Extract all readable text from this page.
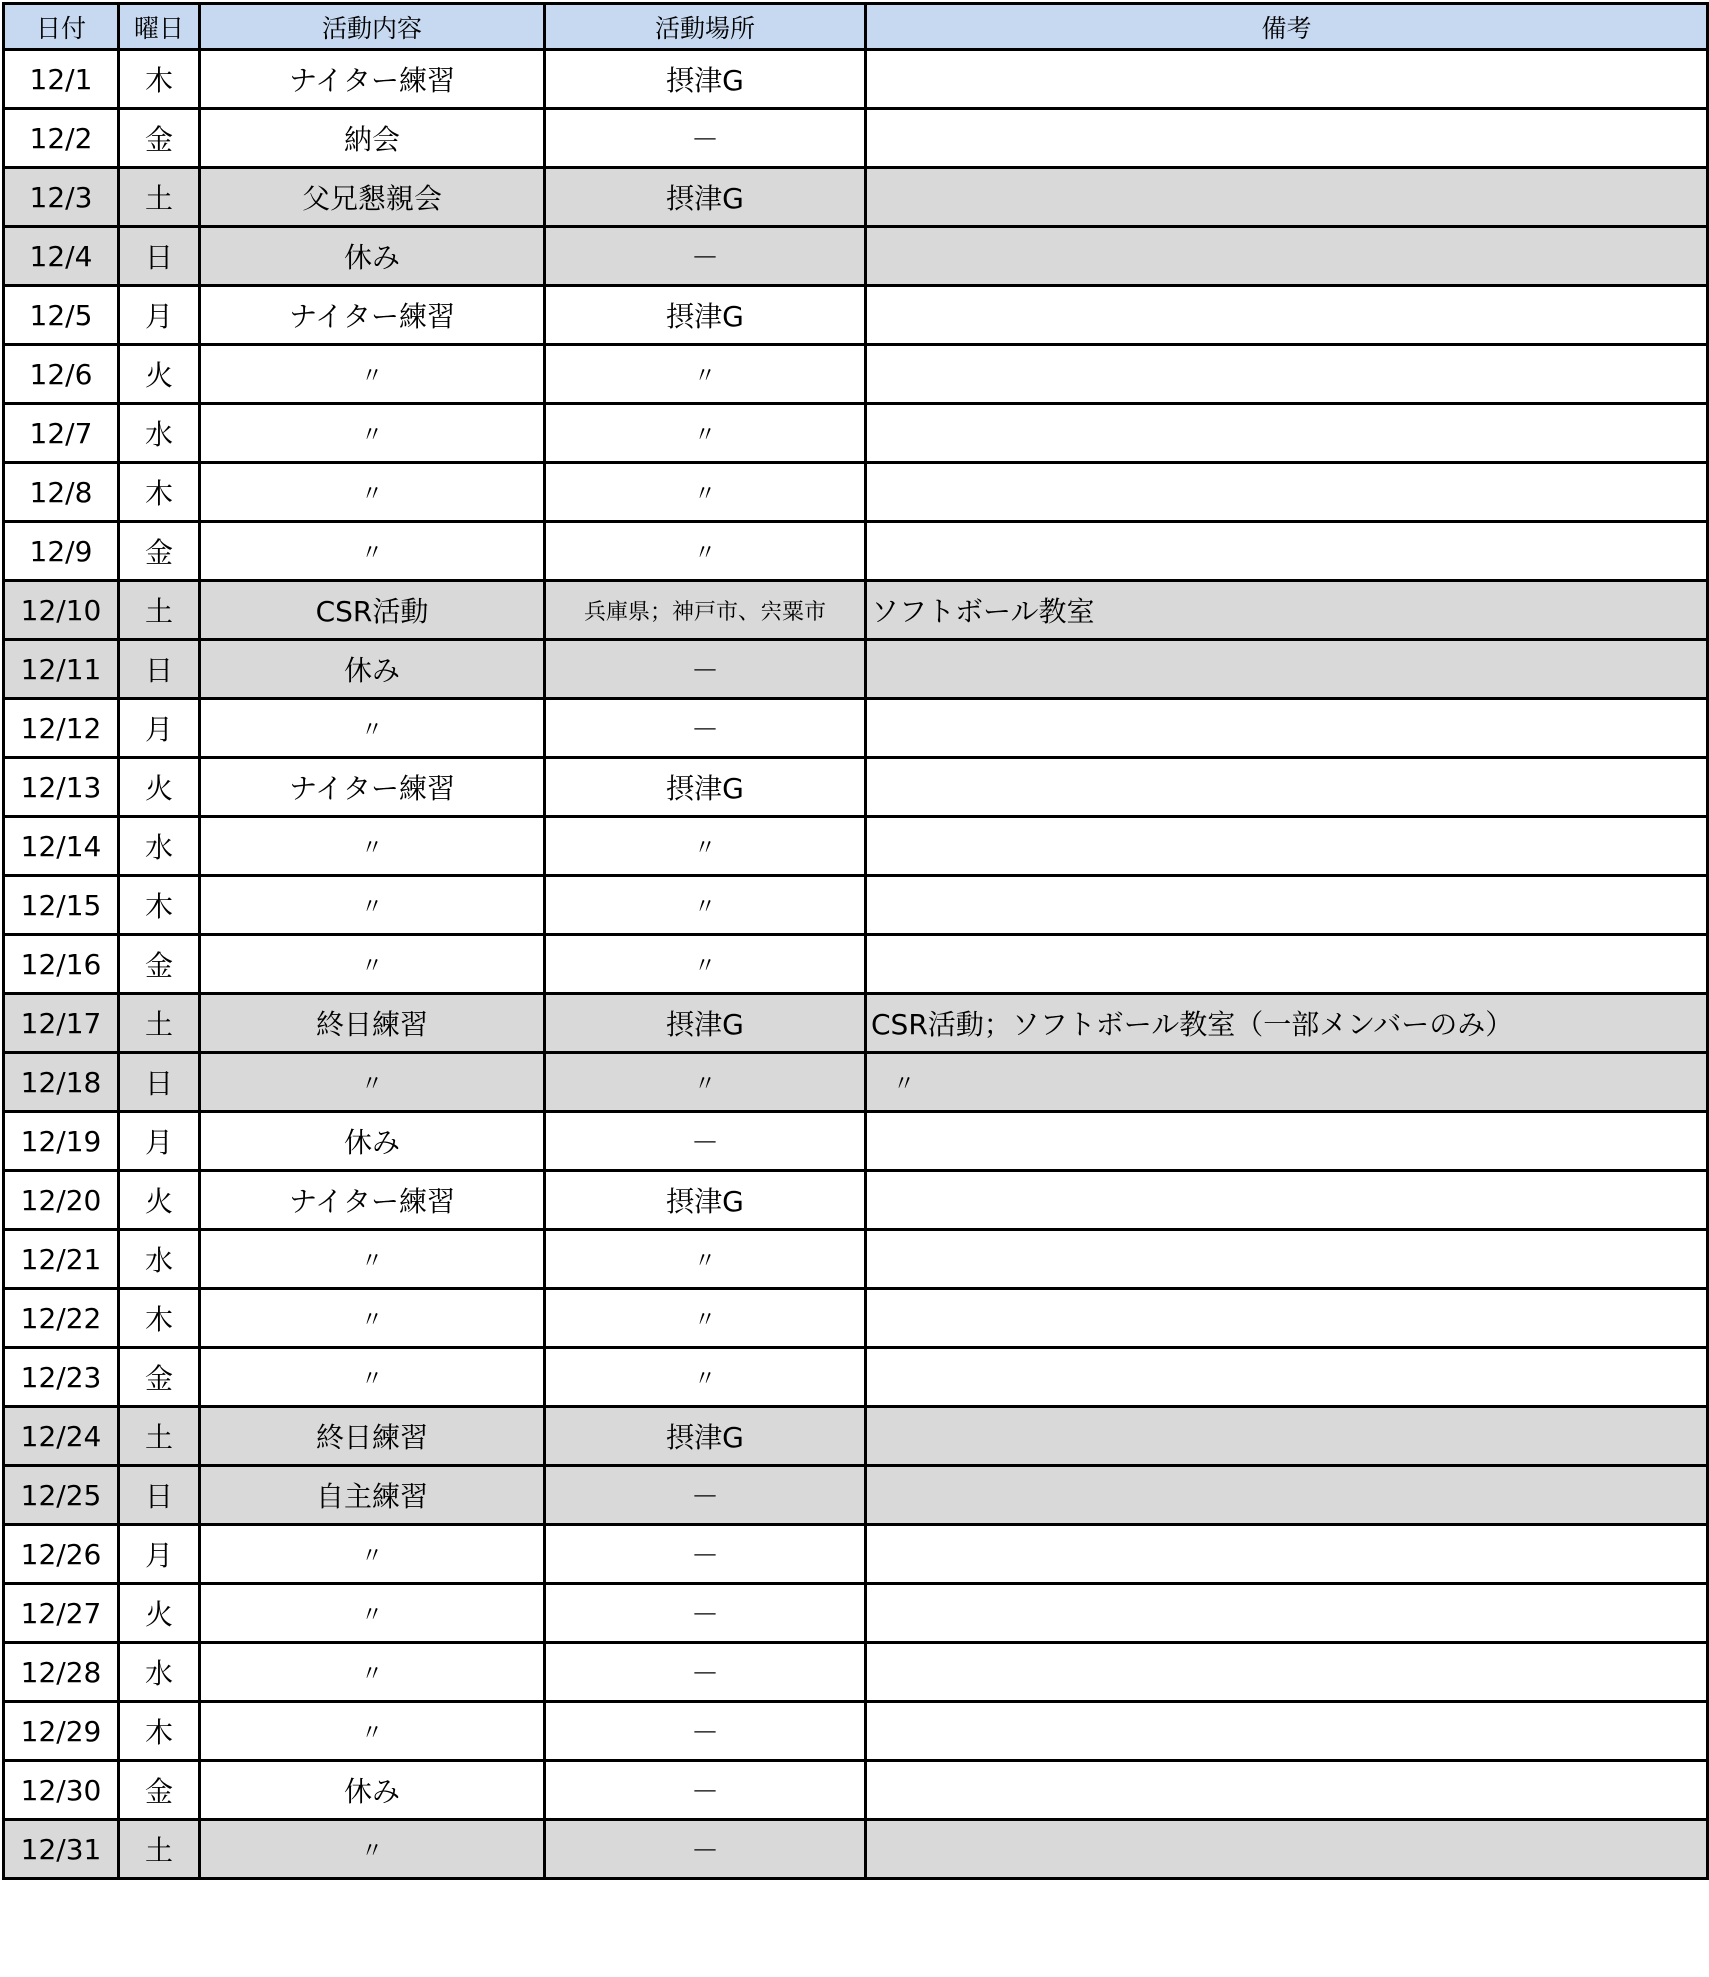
日付	曜日	活動内容	活動場所	備考
12/1	木	ナイター練習	摂津G	
12/2	金	納会	－	
12/3	土	父兄懇親会	摂津G	
12/4	日	休み	－	
12/5	月	ナイター練習	摂津G	
12/6	火	〃	〃	
12/7	水	〃	〃	
12/8	木	〃	〃	
12/9	金	〃	〃	
12/10	土	CSR活動	兵庫県；神戸市、宍粟市	ソフトボール教室
12/11	日	休み	－	
12/12	月	〃	－	
12/13	火	ナイター練習	摂津G	
12/14	水	〃	〃	
12/15	木	〃	〃	
12/16	金	〃	〃	
12/17	土	終日練習	摂津G	CSR活動；ソフトボール教室（一部メンバーのみ）
12/18	日	〃	〃	　〃
12/19	月	休み	－	
12/20	火	ナイター練習	摂津G	
12/21	水	〃	〃	
12/22	木	〃	〃	
12/23	金	〃	〃	
12/24	土	終日練習	摂津G	
12/25	日	自主練習	－	
12/26	月	〃	－	
12/27	火	〃	－	
12/28	水	〃	－	
12/29	木	〃	－	
12/30	金	休み	－	
12/31	土	〃	－	
